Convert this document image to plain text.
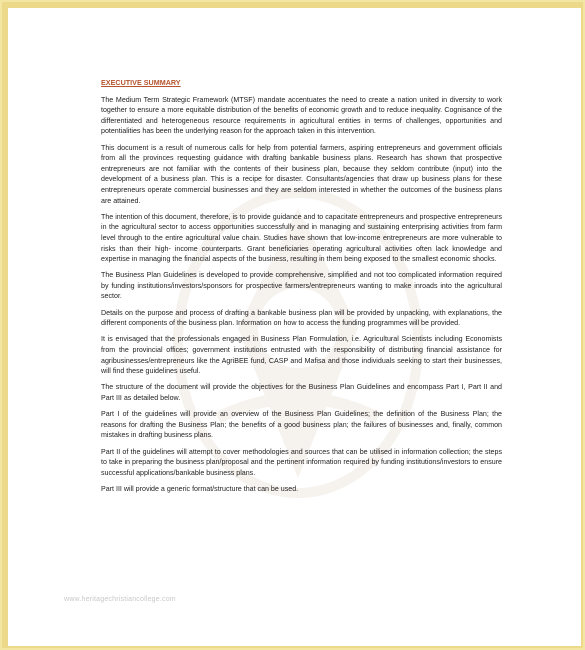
EXECUTIVE SUMMARY

The Medium Term Strategic Framework (MTSF) mandate accentuates the need to create a nation united in diversity to work together to ensure a more equitable distribution of the benefits of economic growth and to reduce inequality. Cognisance of the differentiated and heterogeneous resource requirements in agricultural entities in terms of challenges, opportunities and potentialities has been the underlying reason for the approach taken in this intervention.

This document is a result of numerous calls for help from potential farmers, aspiring entrepreneurs and government officials from all the provinces requesting guidance with drafting bankable business plans. Research has shown that prospective entrepreneurs are not familiar with the contents of their business plan, because they seldom contribute (input) into the development of a business plan. This is a recipe for disaster. Consultants/agencies that draw up business plans for these entrepreneurs operate commercial businesses and they are seldom interested in whether the outcomes of the business plans are attained.

The intention of this document, therefore, is to provide guidance and to capacitate entrepreneurs and prospective entrepreneurs in the agricultural sector to access opportunities successfully and in managing and sustaining enterprising activities from farm level through to the entire agricultural value chain. Studies have shown that low-income entrepreneurs are more vulnerable to risks than their high- income counterparts. Grant beneficiaries operating agricultural activities often lack knowledge and expertise in managing the financial aspects of the business, resulting in them being exposed to the smallest economic shocks.

The Business Plan Guidelines is developed to provide comprehensive, simplified and not too complicated information required by funding institutions/investors/sponsors for prospective farmers/entrepreneurs wanting to make inroads into the agricultural sector.

Details on the purpose and process of drafting a bankable business plan will be provided by unpacking, with explanations, the different components of the business plan. Information on how to access the funding programmes will be provided.

It is envisaged that the professionals engaged in Business Plan Formulation, i.e. Agricultural Scientists including Economists from the provincial offices; government institutions entrusted with the responsibility of distributing financial assistance for agribusinesses/entrepreneurs like the AgriBEE fund, CASP and Mafisa and those individuals seeking to start their businesses, will find these guidelines useful.

The structure of the document will provide the objectives for the Business Plan Guidelines and encompass Part I, Part II and Part III as detailed below.

Part I of the guidelines will provide an overview of the Business Plan Guidelines; the definition of the Business Plan; the reasons for drafting the Business Plan; the benefits of a good business plan; the failures of businesses and, finally, common mistakes in drafting business plans.

Part II of the guidelines will attempt to cover methodologies and sources that can be utilised in information collection; the steps to take in preparing the business plan/proposal and the pertinent information required by funding institutions/investors to ensure successful applications/bankable business plans.

Part III will provide a generic format/structure that can be used.

www.heritagechristiancollege.com
